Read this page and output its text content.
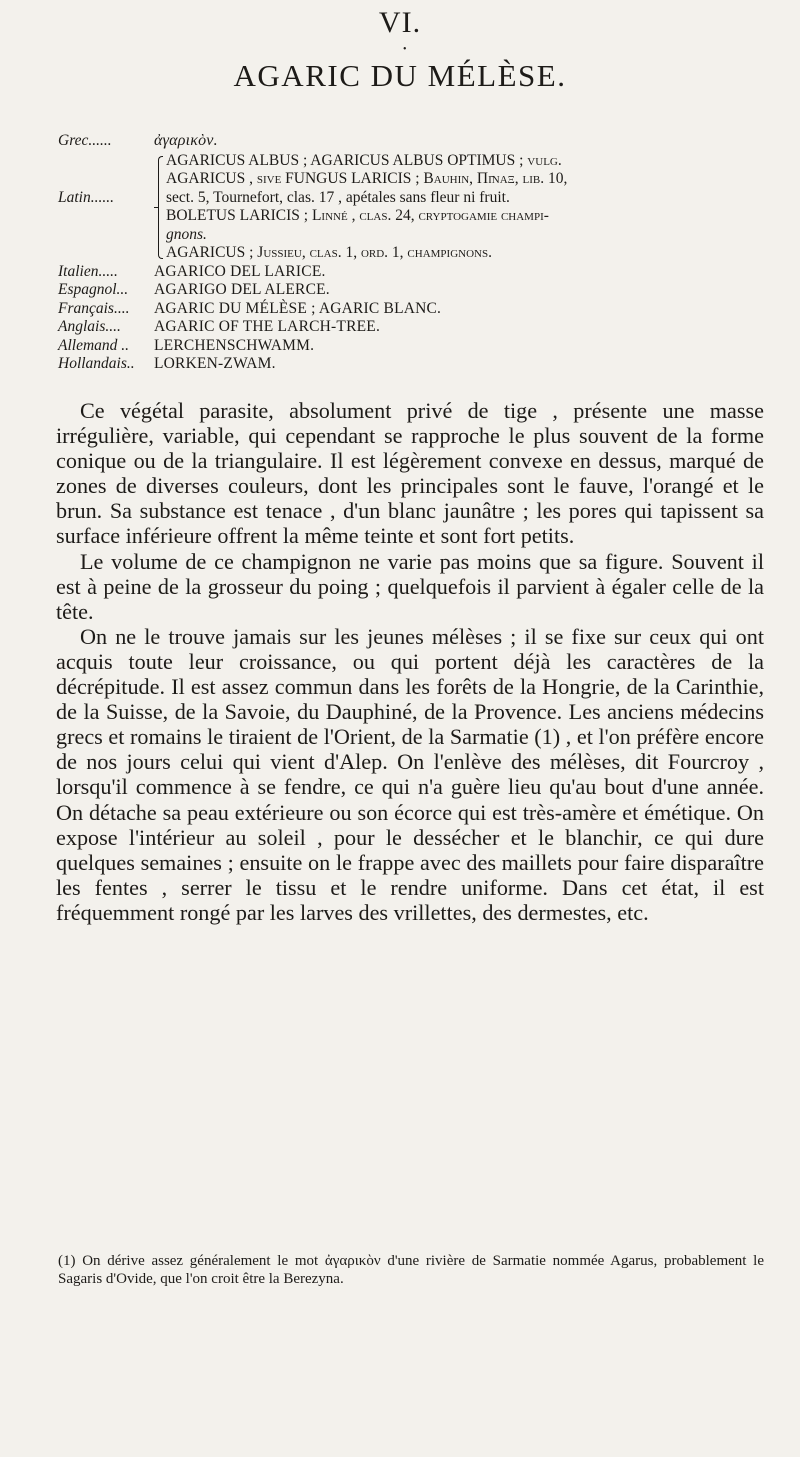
VI.
•
AGARIC DU MÉLÈSE.
Grec......	ἀγαρικὸν.
Latin......
AGARICUS ALBUS ; AGARICUS ALBUS OPTIMUS ; vulg.
AGARICUS , sive FUNGUS LARICIS ; Bauhin, Πῖναξ, lib. 10,
sect. 5, Tournefort, clas. 17 , apétales sans fleur ni fruit.
BOLETUS LARICIS ; Linné , clas. 24, cryptogamie champi-
gnons.
AGARICUS ; Jussieu, clas. 1, ord. 1, champignons.
Italien.....	AGARICO DEL LARICE.
Espagnol...	AGARIGO DEL ALERCE.
Français....	AGARIC DU MÉLÈSE ; AGARIC BLANC.
Anglais....	AGARIC OF THE LARCH-TREE.
Allemand ..	LERCHENSCHWAMM.
Hollandais..	LORKEN-ZWAM.

Ce végétal parasite, absolument privé de tige , présente une masse irrégulière, variable, qui cependant se rapproche le plus souvent de la forme conique ou de la triangulaire. Il est légèrement convexe en dessus, marqué de zones de diverses couleurs, dont les principales sont le fauve, l'orangé et le brun. Sa substance est tenace , d'un blanc jaunâtre ; les pores qui tapissent sa surface inférieure offrent la même teinte et sont fort petits.

Le volume de ce champignon ne varie pas moins que sa figure. Souvent il est à peine de la grosseur du poing ; quelquefois il parvient à égaler celle de la tête.

On ne le trouve jamais sur les jeunes mélèses ; il se fixe sur ceux qui ont acquis toute leur croissance, ou qui portent déjà les caractères de la décrépitude. Il est assez commun dans les forêts de la Hongrie, de la Carinthie, de la Suisse, de la Savoie, du Dauphiné, de la Provence. Les anciens médecins grecs et romains le tiraient de l'Orient, de la Sarmatie (1) , et l'on préfère encore de nos jours celui qui vient d'Alep. On l'enlève des mélèses, dit Fourcroy , lorsqu'il commence à se fendre, ce qui n'a guère lieu qu'au bout d'une année. On détache sa peau extérieure ou son écorce qui est très-amère et émétique. On expose l'intérieur au soleil , pour le dessécher et le blanchir, ce qui dure quelques semaines ; ensuite on le frappe avec des maillets pour faire disparaître les fentes , serrer le tissu et le rendre uniforme. Dans cet état, il est fréquemment rongé par les larves des vrillettes, des dermestes, etc.

(1) On dérive assez généralement le mot ἀγαρικὸν d'une rivière de Sarmatie nommée Agarus, probablement le Sagaris d'Ovide, que l'on croit être la Berezyna.
